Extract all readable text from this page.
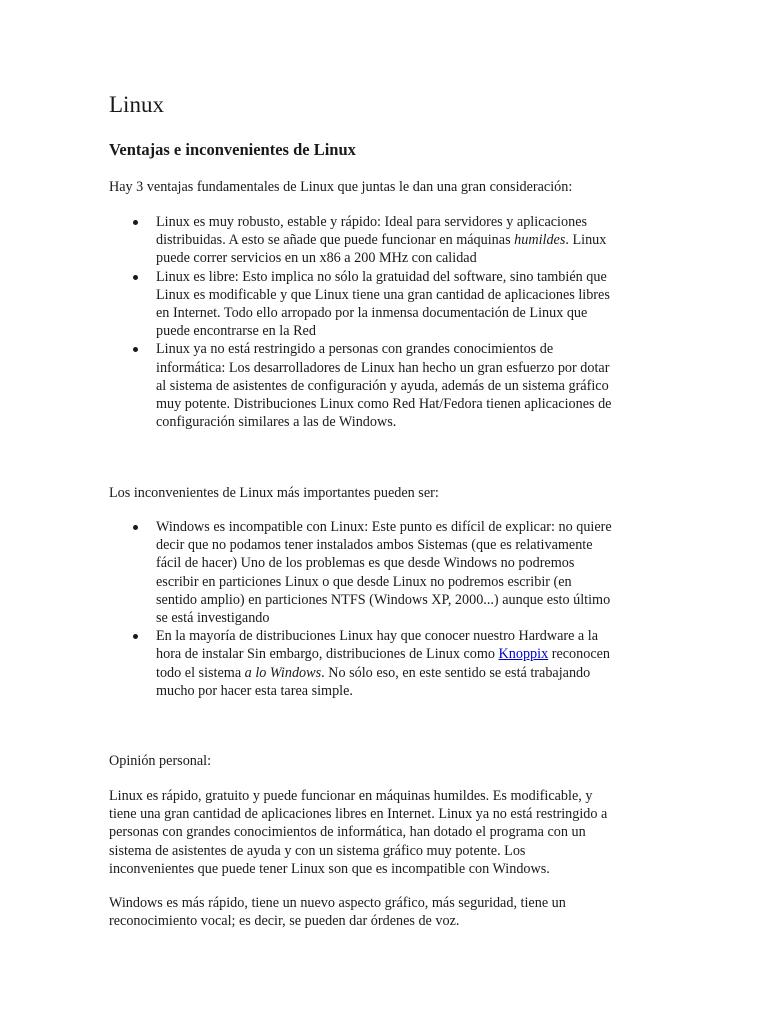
Linux
Ventajas e inconvenientes de Linux

Hay 3 ventajas fundamentales de Linux que juntas le dan una gran consideración:

Linux es muy robusto, estable y rápido: Ideal para servidores y aplicaciones
distribuidas. A esto se añade que puede funcionar en máquinas humildes. Linux
puede correr servicios en un x86 a 200 MHz con calidad
Linux es libre: Esto implica no sólo la gratuidad del software, sino también que
Linux es modificable y que Linux tiene una gran cantidad de aplicaciones libres
en Internet. Todo ello arropado por la inmensa documentación de Linux que
puede encontrarse en la Red
Linux ya no está restringido a personas con grandes conocimientos de
informática: Los desarrolladores de Linux han hecho un gran esfuerzo por dotar
al sistema de asistentes de configuración y ayuda, además de un sistema gráfico
muy potente. Distribuciones Linux como Red Hat/Fedora tienen aplicaciones de
configuración similares a las de Windows.

Los inconvenientes de Linux más importantes pueden ser:

Windows es incompatible con Linux: Este punto es difícil de explicar: no quiere
decir que no podamos tener instalados ambos Sistemas (que es relativamente
fácil de hacer) Uno de los problemas es que desde Windows no podremos
escribir en particiones Linux o que desde Linux no podremos escribir (en
sentido amplio) en particiones NTFS (Windows XP, 2000...) aunque esto último
se está investigando
En la mayoría de distribuciones Linux hay que conocer nuestro Hardware a la
hora de instalar Sin embargo, distribuciones de Linux como Knoppix reconocen
todo el sistema a lo Windows. No sólo eso, en este sentido se está trabajando
mucho por hacer esta tarea simple.

Opinión personal:

Linux es rápido, gratuito y puede funcionar en máquinas humildes. Es modificable, y
tiene una gran cantidad de aplicaciones libres en Internet. Linux ya no está restringido a
personas con grandes conocimientos de informática, han dotado el programa con un
sistema de asistentes de ayuda y con un sistema gráfico muy potente. Los
inconvenientes que puede tener Linux son que es incompatible con Windows.

Windows es más rápido, tiene un nuevo aspecto gráfico, más seguridad, tiene un
reconocimiento vocal; es decir, se pueden dar órdenes de voz.
